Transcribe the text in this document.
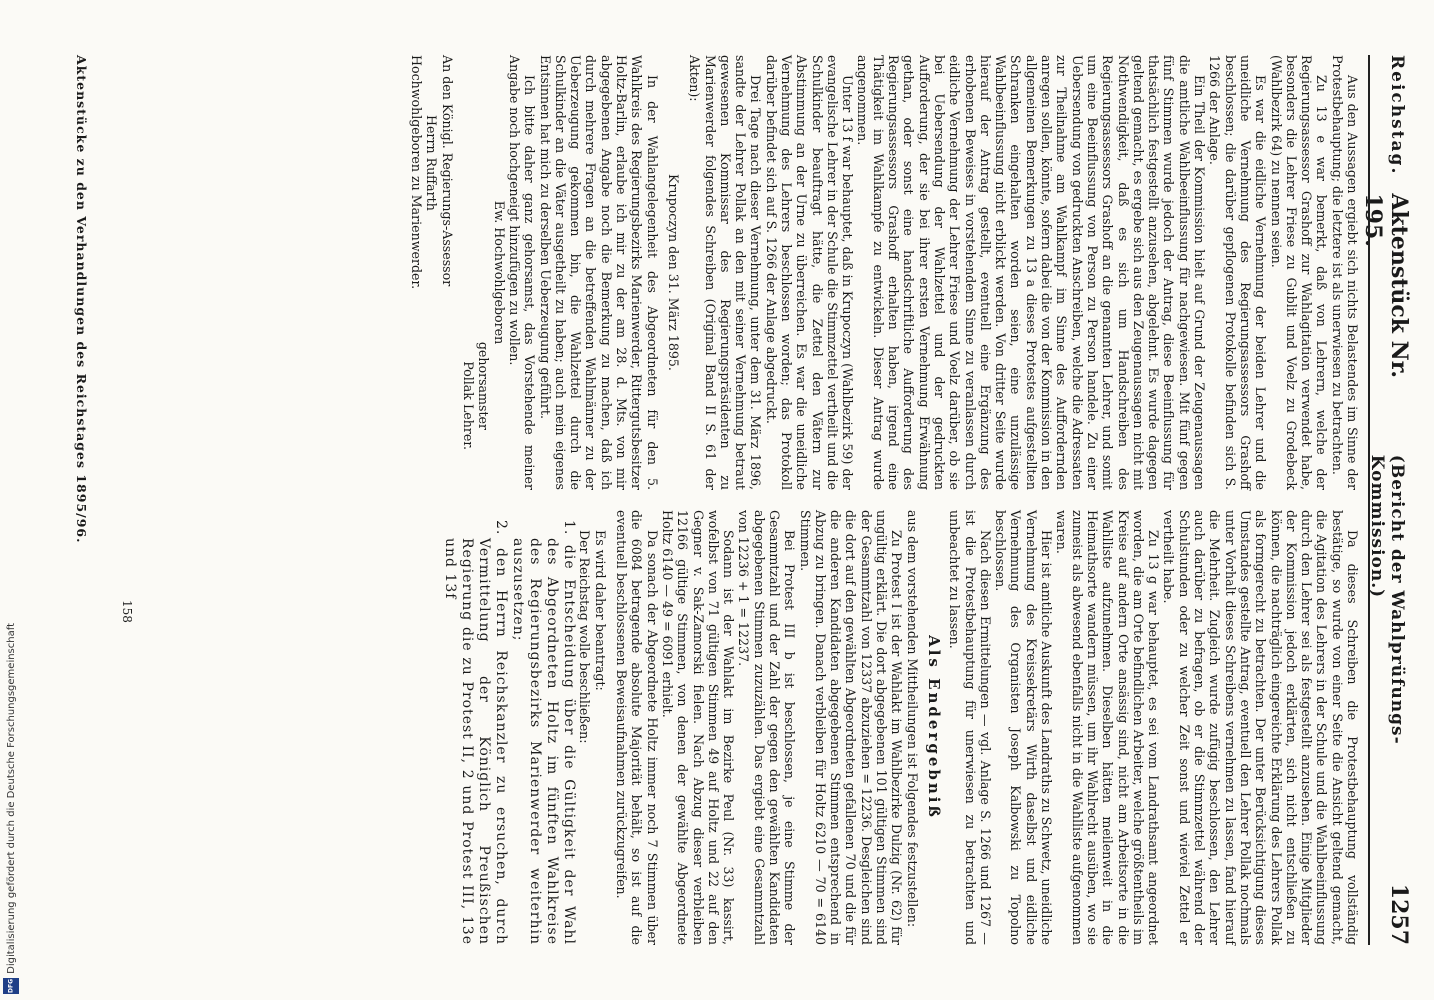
Reichstag.
Aktenstück Nr. 195.
(Bericht der Wahlprüfungs-Kommission.)
1257

Aus den Aussagen ergiebt sich nichts Belastendes im Sinne der Protestbehauptung; die letztere ist als unerwiesen zu betrachten.

Zu 13 e war bemerkt, daß von Lehrern, welche der Regierungsassessor Grashoff zur Wahlagitation verwendet habe, besonders die Lehrer Friese zu Gublit und Voelz zu Grodebeck (Wahlbezirk 64) zu nennen seien.

Es war die eidliche Vernehmung der beiden Lehrer und die uneidliche Vernehmung des Regierungsassessors Grashoff beschlossen; die darüber gepflogenen Protokolle befinden sich S. 1266 der Anlage.

Ein Theil der Kommission hielt auf Grund der Zeugenaussagen die amtliche Wahlbeeinflussung für nachgewiesen. Mit fünf gegen fünf Stimmen wurde jedoch der Antrag, diese Beeinflussung für thatsächlich festgestellt anzusehen, abgelehnt. Es wurde dagegen geltend gemacht, es ergebe sich aus den Zeugenaussagen nicht mit Nothwendigkeit, daß es sich um Handschreiben des Regierungsassessors Grashoff an die genannten Lehrer, und somit um eine Beeinflussung von Person zu Person handele. Zu einer Uebersendung von gedruckten Anschreiben, welche die Adressaten zur Theilnahme am Wahlkampf im Sinne des Auffordernden anregen sollen, könnte, sofern dabei die von der Kommission in den allgemeinen Bemerkungen zu 13 a dieses Protestes aufgestellten Schranken eingehalten worden seien, eine unzulässige Wahlbeeinflussung nicht erblickt werden. Von dritter Seite wurde hierauf der Antrag gestellt, eventuell eine Ergänzung des erhobenen Beweises in vorstehendem Sinne zu veranlassen durch eidliche Vernehmung der Lehrer Friese und Voelz darüber, ob sie bei Uebersendung der Wahlzettel und der gedruckten Aufforderung, der sie bei ihrer ersten Vernehmung Erwähnung gethan, oder sonst eine handschriftliche Aufforderung des Regierungsassessors Grashoff erhalten haben, irgend eine Thätigkeit im Wahlkampfe zu entwickeln. Dieser Antrag wurde angenommen.

Unter 13 f war behauptet, daß in Krupoczyn (Wahlbezirk 59) der evangelische Lehrer in der Schule die Stimmzettel vertheilt und die Schulkinder beauftragt hätte, die Zettel den Vätern zur Abstimmung an der Urne zu überreichen. Es war die uneidliche Vernehmung des Lehrers beschlossen worden; das Protokoll darüber befindet sich auf S. 1266 der Anlage abgedruckt.

Drei Tage nach dieser Vernehmung, unter dem 31. März 1896, sandte der Lehrer Pollak an den mit seiner Vernehmung betraut gewesenen Kommissar des Regierungspräsidenten zu Marienwerder folgendes Schreiben (Original Band II S. 61 der Akten):

Krupoczyn den 31. März 1895.

In der Wahlangelegenheit des Abgeordneten für den 5. Wahlkreis des Regierungsbezirks Marienwerder, Rittergutsbesitzer Holtz-Barlin, erlaube ich mir zu der am 28. d. Mts. von mir abgegebenen Angabe noch die Bemerkung zu machen, daß ich durch mehrere Fragen an die betreffenden Wahlmänner zu der Ueberzeugung gekommen bin, die Wahlzettel durch die Schulkinder an die Väter ausgetheilt zu haben; auch mein eigenes Entsinnen hat mich zu derselben Ueberzeugung geführt.

Ich bitte daher ganz gehorsamst, das Vorstehende meiner Angabe noch hochgeneigt hinzufügen zu wollen.

Ew. Hochwohlgeboren

gehorsamster

Pollak Lehrer.

An den Königl. Regierungs-Assessor

Herrn Ruffarth

Hochwohlgeboren zu Marienwerder.

Da dieses Schreiben die Protestbehauptung vollständig bestätige, so wurde von einer Seite die Ansicht geltend gemacht, die Agitation des Lehrers in der Schule und die Wahlbeeinflussung durch den Lehrer sei als festgestellt anzusehen. Einige Mitglieder der Kommission jedoch erklärten, sich nicht entschließen zu können, die nachträglich eingereichte Erklärung des Lehrers Pollak als formgerecht zu betrachten. Der unter Berücksichtigung dieses Umstandes gestellte Antrag, eventuell den Lehrer Pollak nochmals unter Vorhalt dieses Schreibens vernehmen zu lassen, fand hierauf die Mehrheit. Zugleich wurde zufügig beschlossen, den Lehrer auch darüber zu befragen, ob er die Stimmzettel während der Schulstunden oder zu welcher Zeit sonst und wieviel Zettel er vertheilt habe.

Zu 13 g war behauptet, es sei vom Landrathsamt angeordnet worden, die am Orte befindlichen Arbeiter, welche größtentheils im Kreise auf andern Orte ansässig sind, nicht am Arbeitsorte in die Wahlliste aufzunehmen. Dieselben hätten meilenweit in die Heimathsorte wandern müssen, um ihr Wahlrecht ausüben, wo sie zumeist als abwesend ebenfalls nicht in die Wahlliste aufgenommen waren.

Hier ist amtliche Auskunft des Landraths zu Schwetz, uneidliche Vernehmung des Kreissekretärs Wirth daselbst und eidliche Vernehmung des Organisten Joseph Kalbowski zu Topolno beschlossen.

Nach diesen Ermittelungen — vgl. Anlage S. 1266 und 1267 — ist die Protestbehauptung für unerwiesen zu betrachten und unbeachtet zu lassen.

Als Endergebniß

aus dem vorstehenden Mittheilungen ist Folgendes festzustellen:

Zu Protest I ist der Wahlakt im Wahlbezirke Dulzig (Nr. 62) für ungültig erklärt. Die dort abgegebenen 101 gültigen Stimmen sind der Gesammtzahl von 12337 abzuziehen = 12236. Desgleichen sind die dort auf den gewählten Abgeordneten gefallenen 70 und die für die anderen Kandidaten abgegebenen Stimmen entsprechend in Abzug zu bringen. Danach verbleiben für Holtz 6210 — 70 = 6140 Stimmen.

Bei Protest III b ist beschlossen, je eine Stimme der Gesammtzahl und der Zahl der gegen den gewählten Kandidaten abgegebenen Stimmen zuzuzählen. Das ergiebt eine Gesammtzahl von 12236 + 1 = 12237.

Sodann ist der Wahlakt im Bezirke Peul (Nr. 33) kassirt, wofelbst von 71 gültigen Stimmen 49 auf Holtz und 22 auf den Gegner v. Sak-Zamorski fielen. Nach Abzug dieser verbleiben 12166 gültige Stimmen, von denen der gewählte Abgeordnete Holtz 6140 — 49 = 6091 erhielt.

Da sonach der Abgeordnete Holtz immer noch 7 Stimmen über die 6084 betragende absolute Majorität behält, so ist auf die eventuell beschlossenen Beweisaufnahmen zurückzugreifen.

Es wird daher beantragt:

Der Reichstag wolle beschließen:

1. die Entscheidung über die Gültigkeit der Wahl des Abgeordneten Holtz im fünften Wahlkreise des Regierungsbezirks Marienwerder weiterhin auszusetzen;

2. den Herrn Reichskanzler zu ersuchen, durch Vermittelung der Königlich Preußischen Regierung die zu Protest II, 2 und Protest III, 13e und 13f

158
Aktenstücke zu den Verhandlungen des Reichstages 1895/96.
Digitalisierung gefördert durch die Deutsche Forschungsgemeinschaft
DFG
